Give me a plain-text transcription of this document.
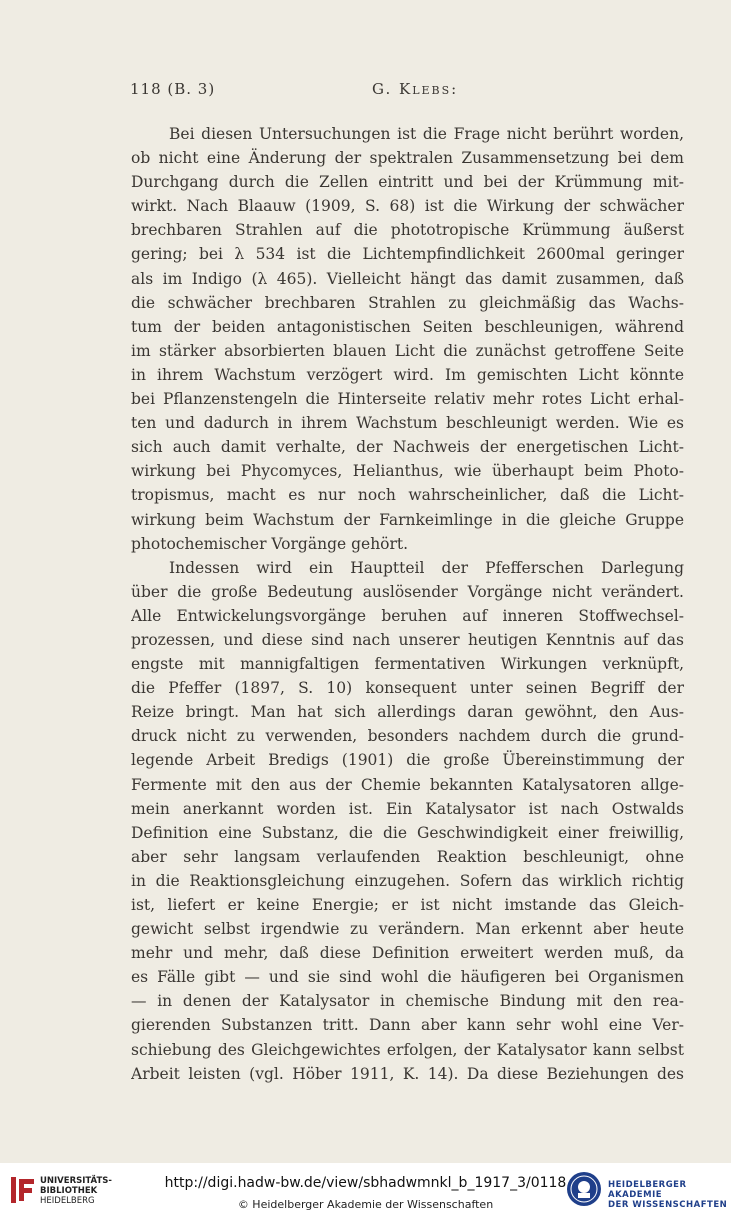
118 (B. 3)	G. Klebs:
Bei diesen Untersuchungen ist die Frage nicht berührt worden,
ob nicht eine Änderung der spektralen Zusammensetzung bei dem
Durchgang durch die Zellen eintritt und bei der Krümmung mit-
wirkt. Nach Blaauw (1909, S. 68) ist die Wirkung der schwächer
brechbaren Strahlen auf die phototropische Krümmung äußerst
gering; bei λ 534 ist die Lichtempfindlichkeit 2600mal geringer
als im Indigo (λ 465). Vielleicht hängt das damit zusammen, daß
die schwächer brechbaren Strahlen zu gleichmäßig das Wachs-
tum der beiden antagonistischen Seiten beschleunigen, während
im stärker absorbierten blauen Licht die zunächst getroffene Seite
in ihrem Wachstum verzögert wird. Im gemischten Licht könnte
bei Pflanzenstengeln die Hinterseite relativ mehr rotes Licht erhal-
ten und dadurch in ihrem Wachstum beschleunigt werden. Wie es
sich auch damit verhalte, der Nachweis der energetischen Licht-
wirkung bei Phycomyces, Helianthus, wie überhaupt beim Photo-
tropismus, macht es nur noch wahrscheinlicher, daß die Licht-
wirkung beim Wachstum der Farnkeimlinge in die gleiche Gruppe
photochemischer Vorgänge gehört.
Indessen wird ein Hauptteil der Pfefferschen Darlegung
über die große Bedeutung auslösender Vorgänge nicht verändert.
Alle Entwickelungsvorgänge beruhen auf inneren Stoffwechsel-
prozessen, und diese sind nach unserer heutigen Kenntnis auf das
engste mit mannigfaltigen fermentativen Wirkungen verknüpft,
die Pfeffer (1897, S. 10) konsequent unter seinen Begriff der
Reize bringt. Man hat sich allerdings daran gewöhnt, den Aus-
druck nicht zu verwenden, besonders nachdem durch die grund-
legende Arbeit Bredigs (1901) die große Übereinstimmung der
Fermente mit den aus der Chemie bekannten Katalysatoren allge-
mein anerkannt worden ist. Ein Katalysator ist nach Ostwalds
Definition eine Substanz, die die Geschwindigkeit einer freiwillig,
aber sehr langsam verlaufenden Reaktion beschleunigt, ohne
in die Reaktionsgleichung einzugehen. Sofern das wirklich richtig
ist, liefert er keine Energie; er ist nicht imstande das Gleich-
gewicht selbst irgendwie zu verändern. Man erkennt aber heute
mehr und mehr, daß diese Definition erweitert werden muß, da
es Fälle gibt — und sie sind wohl die häufigeren bei Organismen
— in denen der Katalysator in chemische Bindung mit den rea-
gierenden Substanzen tritt. Dann aber kann sehr wohl eine Ver-
schiebung des Gleichgewichtes erfolgen, der Katalysator kann selbst
Arbeit leisten (vgl. Höber 1911, K. 14). Da diese Beziehungen des
UNIVERSITÄTS-
BIBLIOTHEK
HEIDELBERG
http://digi.hadw-bw.de/view/sbhadwmnkl_b_1917_3/0118
© Heidelberger Akademie der Wissenschaften
HEIDELBERGER AKADEMIE
DER WISSENSCHAFTEN
